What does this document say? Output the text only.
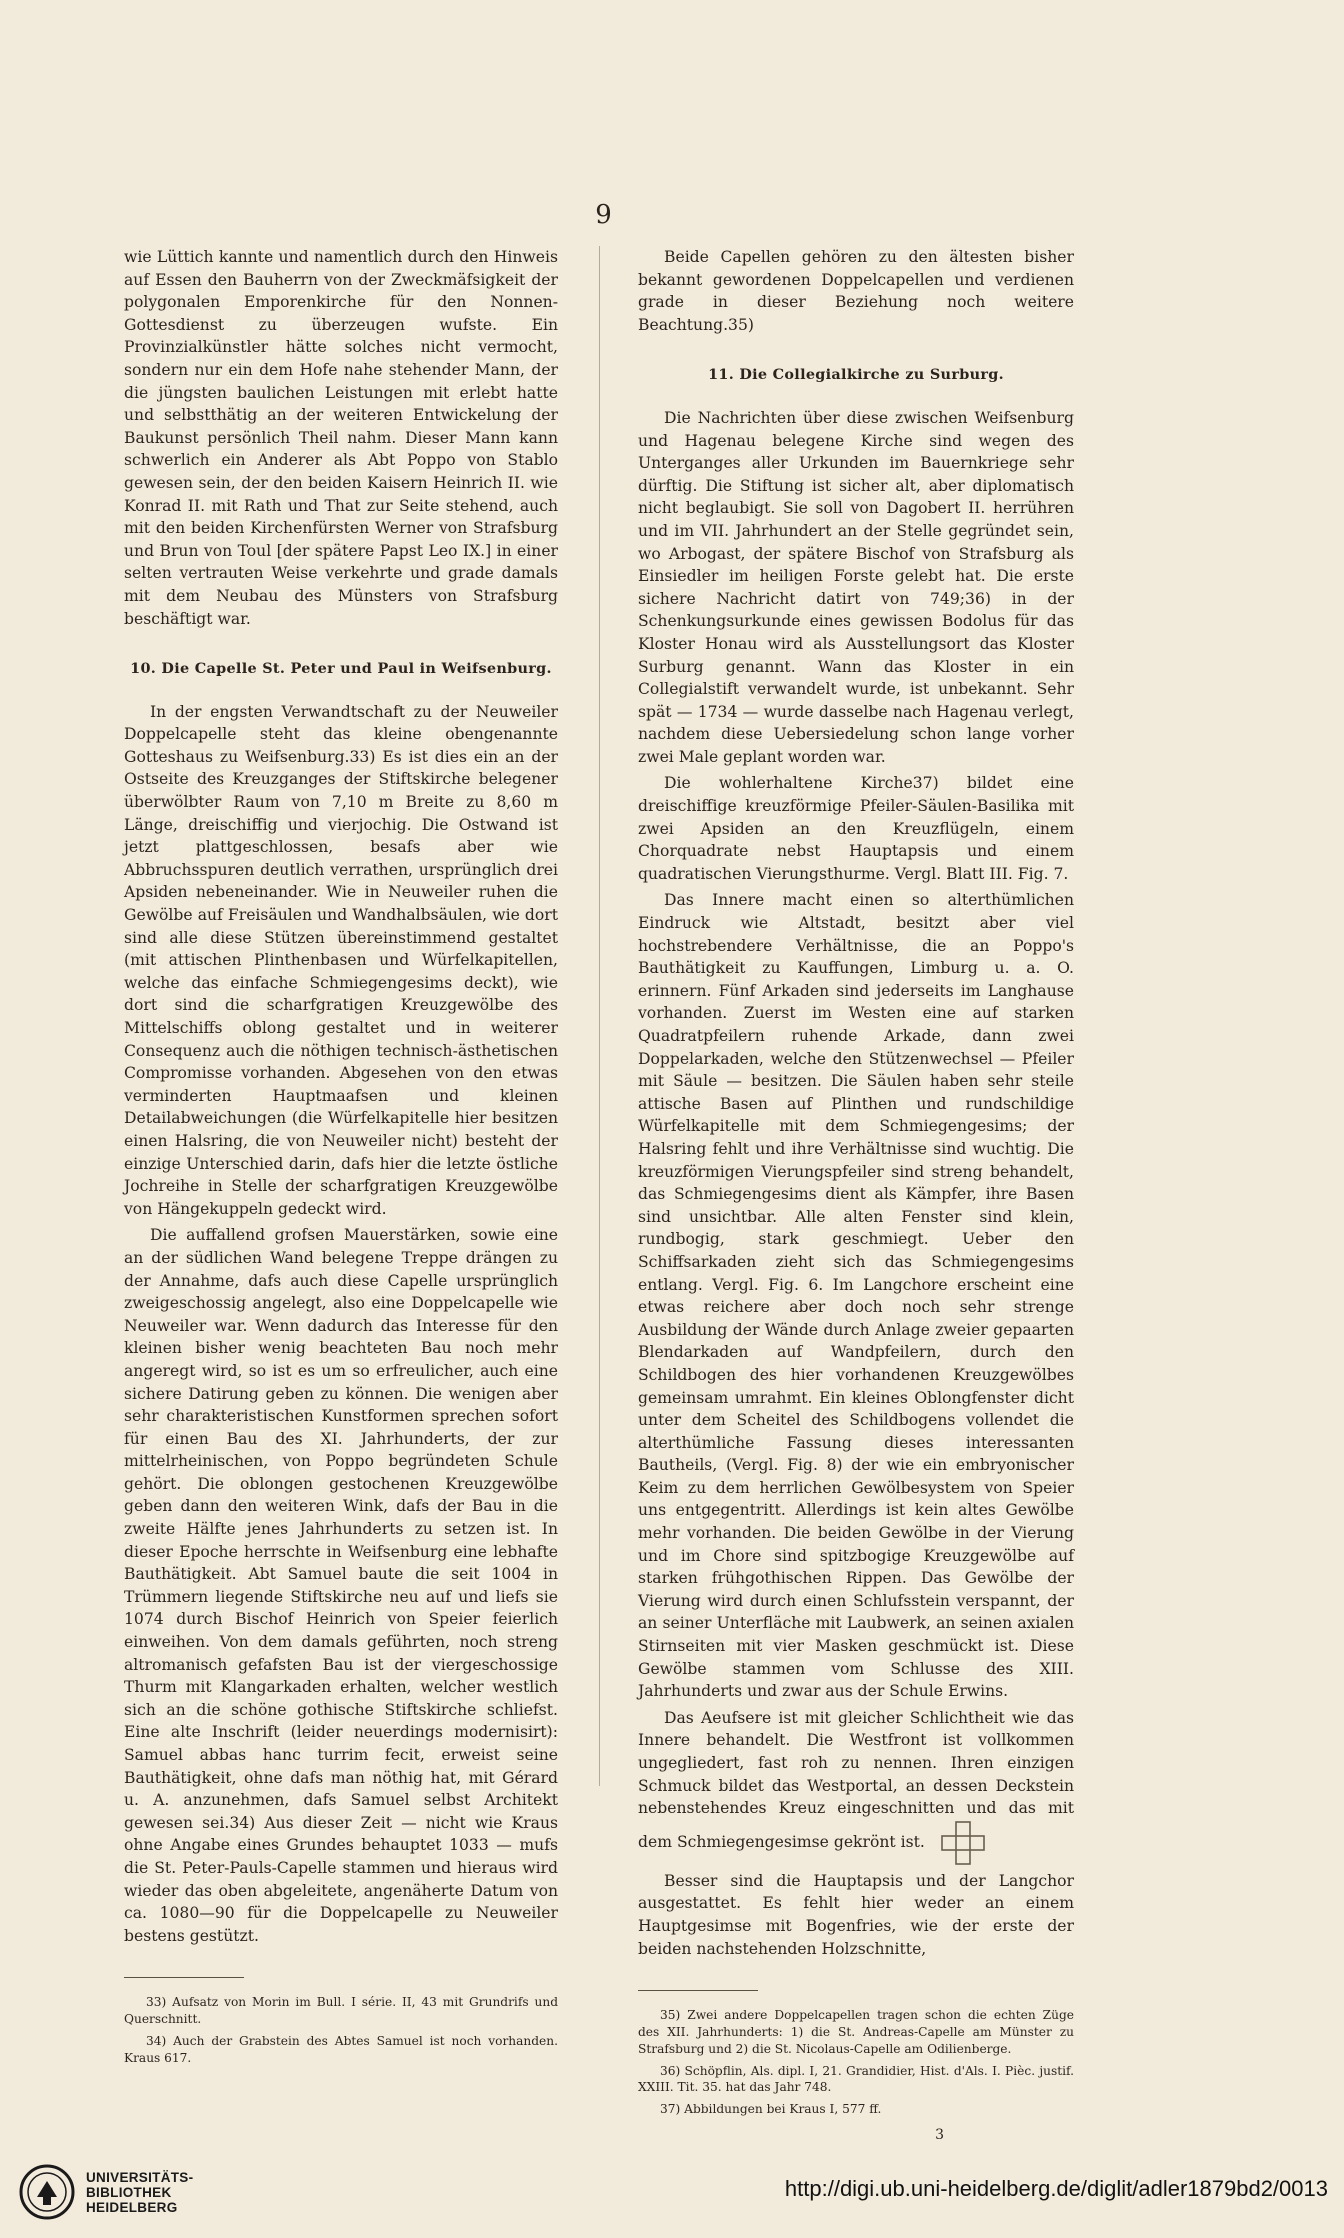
9

wie Lüttich kannte und namentlich durch den Hinweis auf Essen den Bauherrn von der Zweckmäfsigkeit der polygonalen Emporenkirche für den Nonnen-Gottesdienst zu überzeugen wufste. Ein Provinzialkünstler hätte solches nicht vermocht, sondern nur ein dem Hofe nahe stehender Mann, der die jüngsten baulichen Leistungen mit erlebt hatte und selbstthätig an der weiteren Entwickelung der Baukunst persönlich Theil nahm. Dieser Mann kann schwerlich ein Anderer als Abt Poppo von Stablo gewesen sein, der den beiden Kaisern Heinrich II. wie Konrad II. mit Rath und That zur Seite stehend, auch mit den beiden Kirchenfürsten Werner von Strafsburg und Brun von Toul [der spätere Papst Leo IX.] in einer selten vertrauten Weise verkehrte und grade damals mit dem Neubau des Münsters von Strafsburg beschäftigt war.

10. Die Capelle St. Peter und Paul in Weifsenburg.

In der engsten Verwandtschaft zu der Neuweiler Doppelcapelle steht das kleine obengenannte Gotteshaus zu Weifsenburg.33) Es ist dies ein an der Ostseite des Kreuzganges der Stiftskirche belegener überwölbter Raum von 7,10 m Breite zu 8,60 m Länge, dreischiffig und vierjochig. Die Ostwand ist jetzt plattgeschlossen, besafs aber wie Abbruchsspuren deutlich verrathen, ursprünglich drei Apsiden nebeneinander. Wie in Neuweiler ruhen die Gewölbe auf Freisäulen und Wandhalbsäulen, wie dort sind alle diese Stützen übereinstimmend gestaltet (mit attischen Plinthenbasen und Würfelkapitellen, welche das einfache Schmiegengesims deckt), wie dort sind die scharfgratigen Kreuzgewölbe des Mittelschiffs oblong gestaltet und in weiterer Consequenz auch die nöthigen technisch-ästhetischen Compromisse vorhanden. Abgesehen von den etwas verminderten Hauptmaafsen und kleinen Detailabweichungen (die Würfelkapitelle hier besitzen einen Halsring, die von Neuweiler nicht) besteht der einzige Unterschied darin, dafs hier die letzte östliche Jochreihe in Stelle der scharfgratigen Kreuzgewölbe von Hängekuppeln gedeckt wird.

Die auffallend grofsen Mauerstärken, sowie eine an der südlichen Wand belegene Treppe drängen zu der Annahme, dafs auch diese Capelle ursprünglich zweigeschossig angelegt, also eine Doppelcapelle wie Neuweiler war. Wenn dadurch das Interesse für den kleinen bisher wenig beachteten Bau noch mehr angeregt wird, so ist es um so erfreulicher, auch eine sichere Datirung geben zu können. Die wenigen aber sehr charakteristischen Kunstformen sprechen sofort für einen Bau des XI. Jahrhunderts, der zur mittelrheinischen, von Poppo begründeten Schule gehört. Die oblongen gestochenen Kreuzgewölbe geben dann den weiteren Wink, dafs der Bau in die zweite Hälfte jenes Jahrhunderts zu setzen ist. In dieser Epoche herrschte in Weifsenburg eine lebhafte Bauthätigkeit. Abt Samuel baute die seit 1004 in Trümmern liegende Stiftskirche neu auf und liefs sie 1074 durch Bischof Heinrich von Speier feierlich einweihen. Von dem damals geführten, noch streng altromanisch gefafsten Bau ist der viergeschossige Thurm mit Klangarkaden erhalten, welcher westlich sich an die schöne gothische Stiftskirche schliefst. Eine alte Inschrift (leider neuerdings modernisirt): Samuel abbas hanc turrim fecit, erweist seine Bauthätigkeit, ohne dafs man nöthig hat, mit Gérard u. A. anzunehmen, dafs Samuel selbst Architekt gewesen sei.34) Aus dieser Zeit — nicht wie Kraus ohne Angabe eines Grundes behauptet 1033 — mufs die St. Peter-Pauls-Capelle stammen und hieraus wird wieder das oben abgeleitete, angenäherte Datum von ca. 1080—90 für die Doppelcapelle zu Neuweiler bestens gestützt.

33) Aufsatz von Morin im Bull. I série. II, 43 mit Grundrifs und Querschnitt.

34) Auch der Grabstein des Abtes Samuel ist noch vorhanden. Kraus 617.

Beide Capellen gehören zu den ältesten bisher bekannt gewordenen Doppelcapellen und verdienen grade in dieser Beziehung noch weitere Beachtung.35)

11. Die Collegialkirche zu Surburg.

Die Nachrichten über diese zwischen Weifsenburg und Hagenau belegene Kirche sind wegen des Unterganges aller Urkunden im Bauernkriege sehr dürftig. Die Stiftung ist sicher alt, aber diplomatisch nicht beglaubigt. Sie soll von Dagobert II. herrühren und im VII. Jahrhundert an der Stelle gegründet sein, wo Arbogast, der spätere Bischof von Strafsburg als Einsiedler im heiligen Forste gelebt hat. Die erste sichere Nachricht datirt von 749;36) in der Schenkungsurkunde eines gewissen Bodolus für das Kloster Honau wird als Ausstellungsort das Kloster Surburg genannt. Wann das Kloster in ein Collegialstift verwandelt wurde, ist unbekannt. Sehr spät — 1734 — wurde dasselbe nach Hagenau verlegt, nachdem diese Uebersiedelung schon lange vorher zwei Male geplant worden war.

Die wohlerhaltene Kirche37) bildet eine dreischiffige kreuzförmige Pfeiler-Säulen-Basilika mit zwei Apsiden an den Kreuzflügeln, einem Chorquadrate nebst Hauptapsis und einem quadratischen Vierungsthurme. Vergl. Blatt III. Fig. 7.

Das Innere macht einen so alterthümlichen Eindruck wie Altstadt, besitzt aber viel hochstrebendere Verhältnisse, die an Poppo's Bauthätigkeit zu Kauffungen, Limburg u. a. O. erinnern. Fünf Arkaden sind jederseits im Langhause vorhanden. Zuerst im Westen eine auf starken Quadratpfeilern ruhende Arkade, dann zwei Doppelarkaden, welche den Stützenwechsel — Pfeiler mit Säule — besitzen. Die Säulen haben sehr steile attische Basen auf Plinthen und rundschildige Würfelkapitelle mit dem Schmiegengesims; der Halsring fehlt und ihre Verhältnisse sind wuchtig. Die kreuzförmigen Vierungspfeiler sind streng behandelt, das Schmiegengesims dient als Kämpfer, ihre Basen sind unsichtbar. Alle alten Fenster sind klein, rundbogig, stark geschmiegt. Ueber den Schiffsarkaden zieht sich das Schmiegengesims entlang. Vergl. Fig. 6. Im Langchore erscheint eine etwas reichere aber doch noch sehr strenge Ausbildung der Wände durch Anlage zweier gepaarten Blendarkaden auf Wandpfeilern, durch den Schildbogen des hier vorhandenen Kreuzgewölbes gemeinsam umrahmt. Ein kleines Oblongfenster dicht unter dem Scheitel des Schildbogens vollendet die alterthümliche Fassung dieses interessanten Bautheils, (Vergl. Fig. 8) der wie ein embryonischer Keim zu dem herrlichen Gewölbesystem von Speier uns entgegentritt. Allerdings ist kein altes Gewölbe mehr vorhanden. Die beiden Gewölbe in der Vierung und im Chore sind spitzbogige Kreuzgewölbe auf starken frühgothischen Rippen. Das Gewölbe der Vierung wird durch einen Schlufsstein verspannt, der an seiner Unterfläche mit Laubwerk, an seinen axialen Stirnseiten mit vier Masken geschmückt ist. Diese Gewölbe stammen vom Schlusse des XIII. Jahrhunderts und zwar aus der Schule Erwins.

Das Aeufsere ist mit gleicher Schlichtheit wie das Innere behandelt. Die Westfront ist vollkommen ungegliedert, fast roh zu nennen. Ihren einzigen Schmuck bildet das Westportal, an dessen Deckstein nebenstehendes Kreuz eingeschnitten und das mit dem Schmiegengesimse gekrönt ist.

Besser sind die Hauptapsis und der Langchor ausgestattet. Es fehlt hier weder an einem Hauptgesimse mit Bogenfries, wie der erste der beiden nachstehenden Holzschnitte,

35) Zwei andere Doppelcapellen tragen schon die echten Züge des XII. Jahrhunderts: 1) die St. Andreas-Capelle am Münster zu Strafsburg und 2) die St. Nicolaus-Capelle am Odilienberge.

36) Schöpflin, Als. dipl. I, 21. Grandidier, Hist. d'Als. I. Pièc. justif. XXIII. Tit. 35. hat das Jahr 748.

37) Abbildungen bei Kraus I, 577 ff.

3
UNIVERSITÄTS-
BIBLIOTHEK
HEIDELBERG
http://digi.ub.uni-heidelberg.de/diglit/adler1879bd2/0013
